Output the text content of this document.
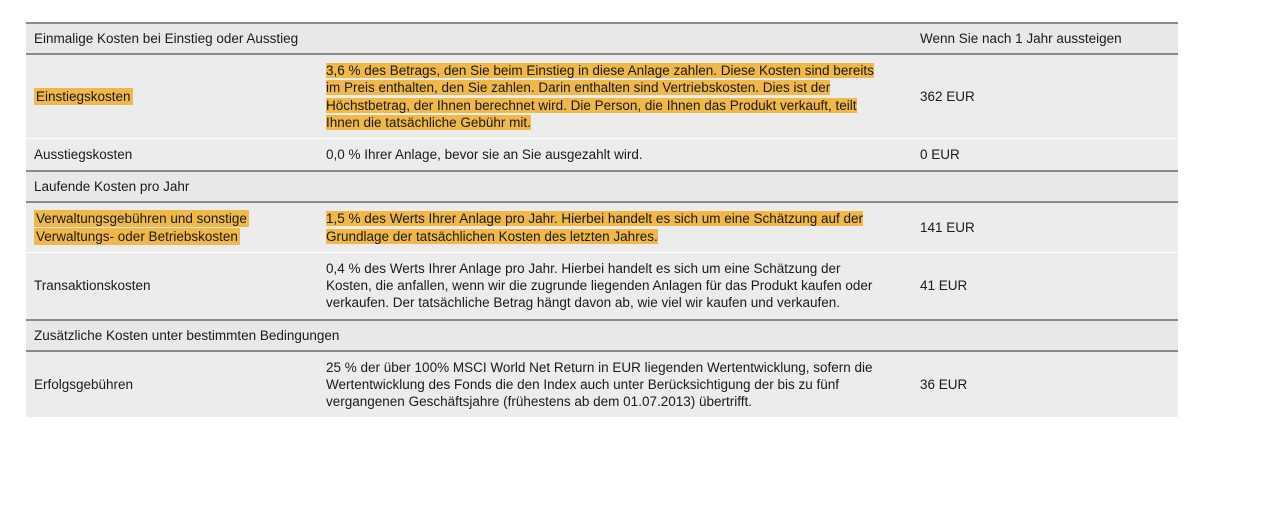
Einmalige Kosten bei Einstieg oder Ausstieg		Wenn Sie nach 1 Jahr aussteigen
Einstiegskosten	3,6 % des Betrags, den Sie beim Einstieg in diese Anlage zahlen. Diese Kosten sind bereits im Preis enthalten, den Sie zahlen. Darin enthalten sind Vertriebskosten. Dies ist der Höchstbetrag, der Ihnen berechnet wird. Die Person, die Ihnen das Produkt verkauft, teilt Ihnen die tatsächliche Gebühr mit.	362 EUR
Ausstiegskosten	0,0 % Ihrer Anlage, bevor sie an Sie ausgezahlt wird.	0 EUR
Laufende Kosten pro Jahr		
Verwaltungsgebühren und sonstige Verwaltungs- oder Betriebskosten	1,5 % des Werts Ihrer Anlage pro Jahr. Hierbei handelt es sich um eine Schätzung auf der Grundlage der tatsächlichen Kosten des letzten Jahres.	141 EUR
Transaktionskosten	0,4 % des Werts Ihrer Anlage pro Jahr. Hierbei handelt es sich um eine Schätzung der Kosten, die anfallen, wenn wir die zugrunde liegenden Anlagen für das Produkt kaufen oder verkaufen. Der tatsächliche Betrag hängt davon ab, wie viel wir kaufen und verkaufen.	41 EUR
Zusätzliche Kosten unter bestimmten Bedingungen		
Erfolgsgebühren	25 % der über 100% MSCI World Net Return in EUR liegenden Wertentwicklung, sofern die Wertentwicklung des Fonds die den Index auch unter Berücksichtigung der bis zu fünf vergangenen Geschäftsjahre (frühestens ab dem 01.07.2013) übertrifft.	36 EUR
